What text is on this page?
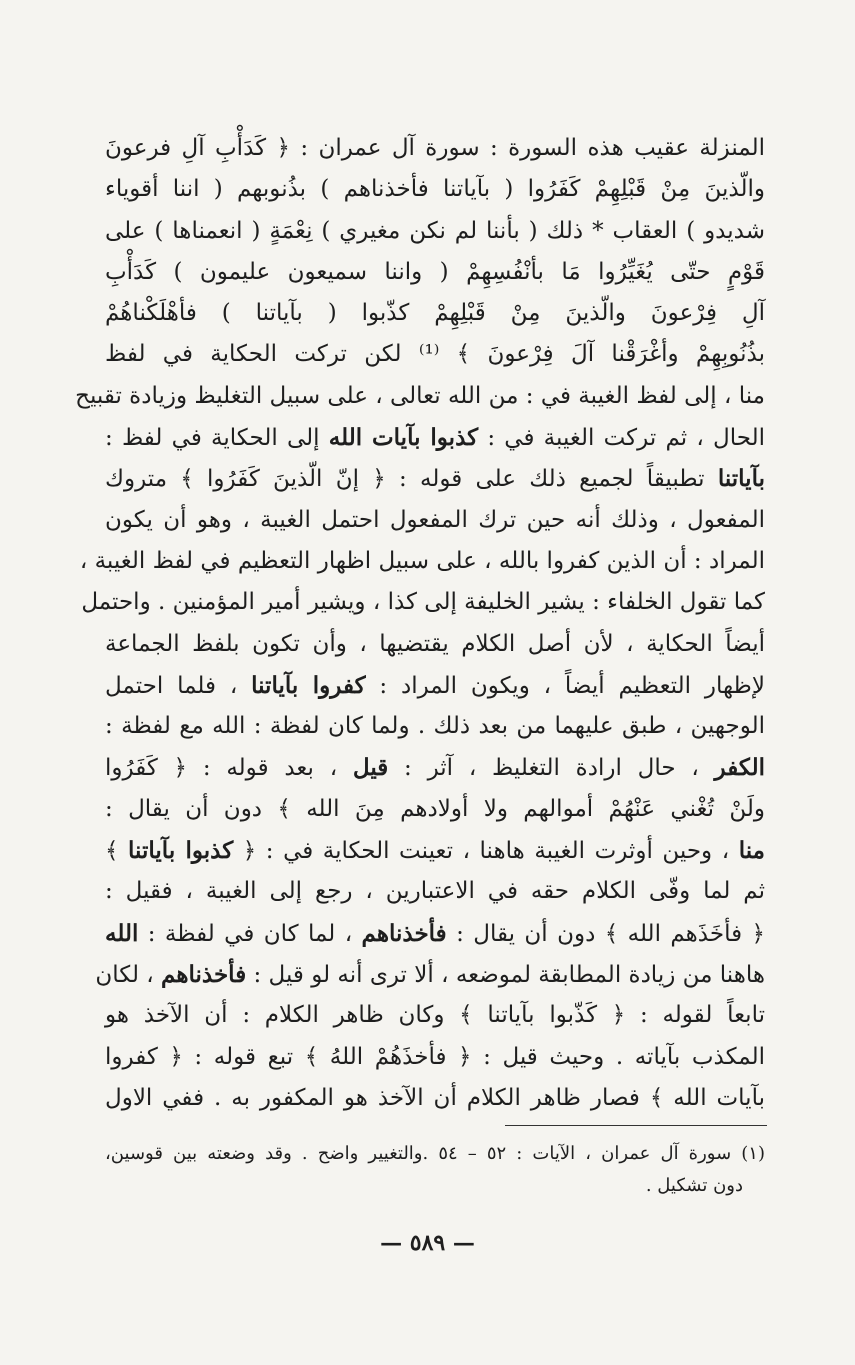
المنزلة عقيب هذه السورة : سورة آل عمران : ﴿ كَدَأْبِ آلِ فرعونَ
والّذينَ مِنْ قَبْلِهِمْ كَفَرُوا ( بآياتنا فأخذناهم ) بذُنوبهم ( اننا أقوياء
شديدو ) العقاب * ذلك ( بأننا لم نكن مغيري ) نِعْمَةٍ ( انعمناها ) على
قَوْمٍ حتّى يُغَيِّرُوا مَا بأنْفُسِهِمْ ( واننا سميعون عليمون ) كَدَأْبِ
آلِ فِرْعونَ والّذينَ مِنْ قَبْلِهِمْ كذّبوا ( بآياتنا ) فأهْلَكْناهُمْ
بذُنُوبِهِمْ وأغْرَقْنا آلَ فِرْعونَ ﴾ ⁽¹⁾ لكن تركت الحكاية في لفظ
منا ، إلى لفظ الغيبة في : من الله تعالى ، على سبيل التغليظ وزيادة تقبيح
الحال ، ثم تركت الغيبة في : كذبوا بآيات الله إلى الحكاية في لفظ :
بآياتنا تطبيقاً لجميع ذلك على قوله : ﴿ إنّ الّذينَ كَفَرُوا ﴾ متروك
المفعول ، وذلك أنه حين ترك المفعول احتمل الغيبة ، وهو أن يكون
المراد : أن الذين كفروا بالله ، على سبيل اظهار التعظيم في لفظ الغيبة ،
كما تقول الخلفاء : يشير الخليفة إلى كذا ، ويشير أمير المؤمنين . واحتمل
أيضاً الحكاية ، لأن أصل الكلام يقتضيها ، وأن تكون بلفظ الجماعة
لإظهار التعظيم أيضاً ، ويكون المراد : كفروا بآياتنا ، فلما احتمل
الوجهين ، طبق عليهما من بعد ذلك . ولما كان لفظة : الله مع لفظة :
الكفر ، حال ارادة التغليظ ، آثر : قيل ، بعد قوله : ﴿ كَفَرُوا
ولَنْ تُغْني عَنْهُمْ أموالهم ولا أولادهم مِنَ الله ﴾ دون أن يقال :
منا ، وحين أوثرت الغيبة هاهنا ، تعينت الحكاية في : ﴿ كذبوا بآياتنا ﴾
ثم لما وفّى الكلام حقه في الاعتبارين ، رجع إلى الغيبة ، فقيل :
﴿ فأخَذَهم الله ﴾ دون أن يقال : فأخذناهم ، لما كان في لفظة : الله
هاهنا من زيادة المطابقة لموضعه ، ألا ترى أنه لو قيل : فأخذناهم ، لكان
تابعاً لقوله : ﴿ كَذّبوا بآياتنا ﴾ وكان ظاهر الكلام : أن الآخذ هو
المكذب بآياته . وحيث قيل : ﴿ فأخذَهُمْ اللهُ ﴾ تبع قوله : ﴿ كفروا
بآيات الله ﴾ فصار ظاهر الكلام أن الآخذ هو المكفور به . ففي الاول
(١) سورة آل عمران ، الآيات : ٥٢ – ٥٤ .والتغيير واضح . وقد وضعته بين قوسين،
دون تشكيل .
— ٥٨٩ —
